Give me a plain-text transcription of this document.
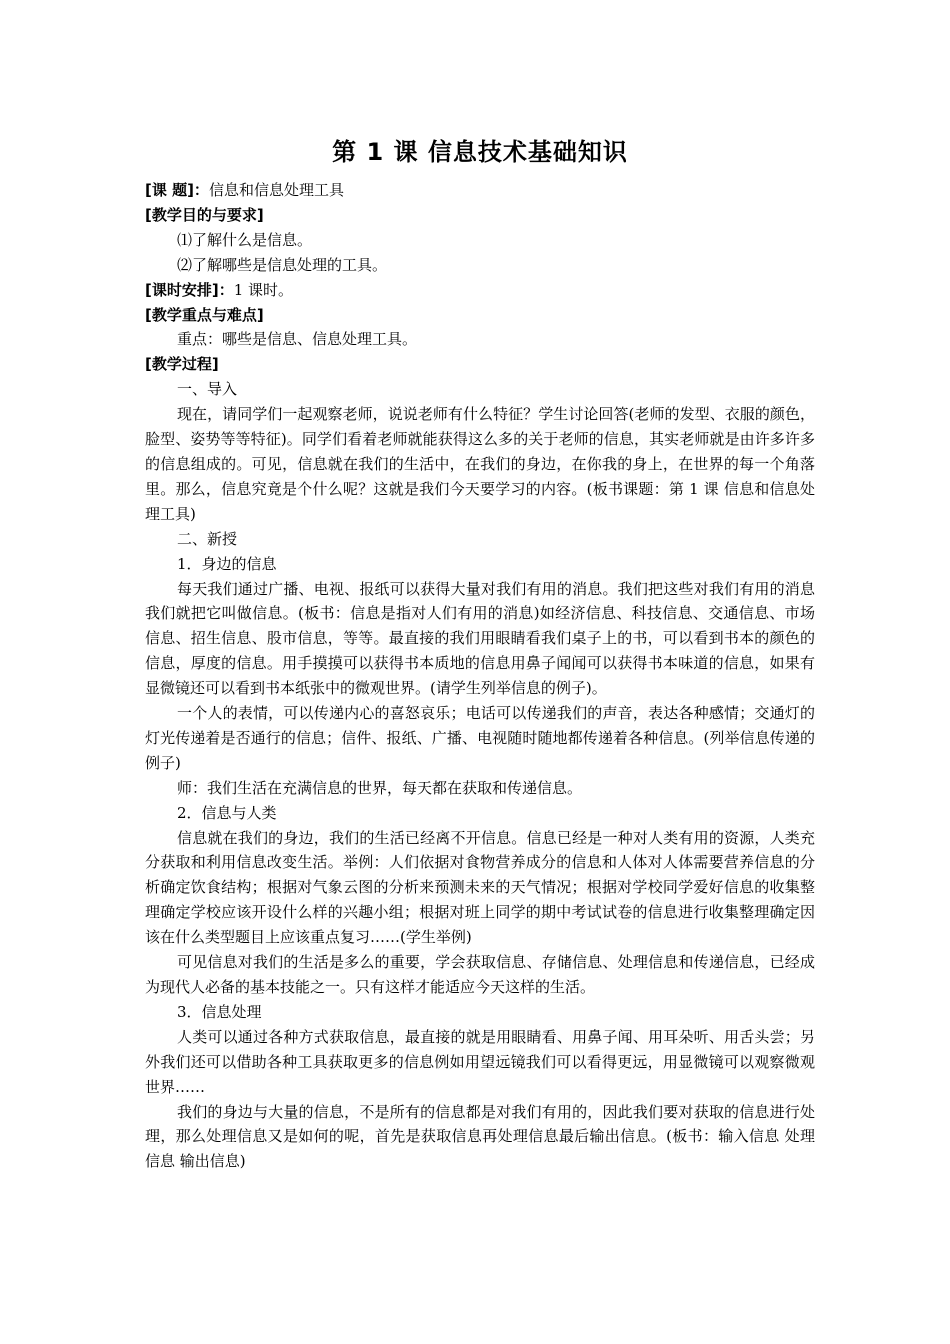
第 1 课 信息技术基础知识

[课 题]：信息和信息处理工具

[教学目的与要求]

⑴了解什么是信息。

⑵了解哪些是信息处理的工具。

[课时安排]：1 课时。

[教学重点与难点]

重点：哪些是信息、信息处理工具。

[教学过程]

一、导入

现在，请同学们一起观察老师，说说老师有什么特征？学生讨论回答(老师的发型、衣服的颜色，脸型、姿势等等特征)。同学们看着老师就能获得这么多的关于老师的信息，其实老师就是由许多许多的信息组成的。可见，信息就在我们的生活中，在我们的身边，在你我的身上，在世界的每一个角落里。那么，信息究竟是个什么呢？这就是我们今天要学习的内容。(板书课题：第 1 课 信息和信息处理工具)

二、新授

1．身边的信息

每天我们通过广播、电视、报纸可以获得大量对我们有用的消息。我们把这些对我们有用的消息我们就把它叫做信息。(板书：信息是指对人们有用的消息)如经济信息、科技信息、交通信息、市场信息、招生信息、股市信息，等等。最直接的我们用眼睛看我们桌子上的书，可以看到书本的颜色的信息，厚度的信息。用手摸摸可以获得书本质地的信息用鼻子闻闻可以获得书本味道的信息，如果有显微镜还可以看到书本纸张中的微观世界。(请学生列举信息的例子)。

一个人的表情，可以传递内心的喜怒哀乐；电话可以传递我们的声音，表达各种感情；交通灯的灯光传递着是否通行的信息；信件、报纸、广播、电视随时随地都传递着各种信息。(列举信息传递的例子)

师：我们生活在充满信息的世界，每天都在获取和传递信息。

2．信息与人类

信息就在我们的身边，我们的生活已经离不开信息。信息已经是一种对人类有用的资源，人类充分获取和利用信息改变生活。举例：人们依据对食物营养成分的信息和人体对人体需要营养信息的分析确定饮食结构；根据对气象云图的分析来预测未来的天气情况；根据对学校同学爱好信息的收集整理确定学校应该开设什么样的兴趣小组；根据对班上同学的期中考试试卷的信息进行收集整理确定因该在什么类型题目上应该重点复习……(学生举例)

可见信息对我们的生活是多么的重要，学会获取信息、存储信息、处理信息和传递信息，已经成为现代人必备的基本技能之一。只有这样才能适应今天这样的生活。

3．信息处理

人类可以通过各种方式获取信息，最直接的就是用眼睛看、用鼻子闻、用耳朵听、用舌头尝；另外我们还可以借助各种工具获取更多的信息例如用望远镜我们可以看得更远，用显微镜可以观察微观世界……

我们的身边与大量的信息，不是所有的信息都是对我们有用的，因此我们要对获取的信息进行处理，那么处理信息又是如何的呢，首先是获取信息再处理信息最后输出信息。(板书：输入信息 处理信息 输出信息)
